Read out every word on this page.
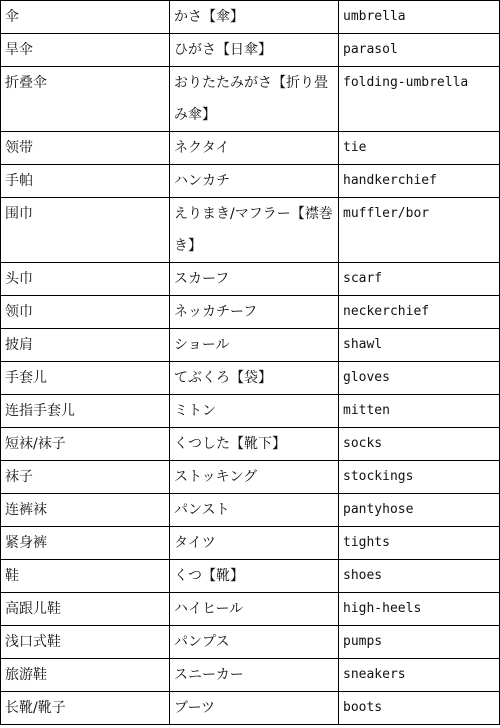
伞	かさ【傘】	umbrella
旱伞	ひがさ【日傘】	parasol
折叠伞	おりたたみがさ【折り畳み傘】	folding-umbrella
领带	ネクタイ	tie
手帕	ハンカチ	handkerchief
围巾	えりまき/マフラー【襟巻き】	muffler/bor
头巾	スカーフ	scarf
领巾	ネッカチーフ	neckerchief
披肩	ショール	shawl
手套儿	てぶくろ【袋】	gloves
连指手套儿	ミトン	mitten
短袜/袜子	くつした【靴下】	socks
袜子	ストッキング	stockings
连裤袜	パンスト	pantyhose
紧身裤	タイツ	tights
鞋	くつ【靴】	shoes
高跟儿鞋	ハイヒール	high-heels
浅口式鞋	パンプス	pumps
旅游鞋	スニーカー	sneakers
长靴/靴子	ブーツ	boots
